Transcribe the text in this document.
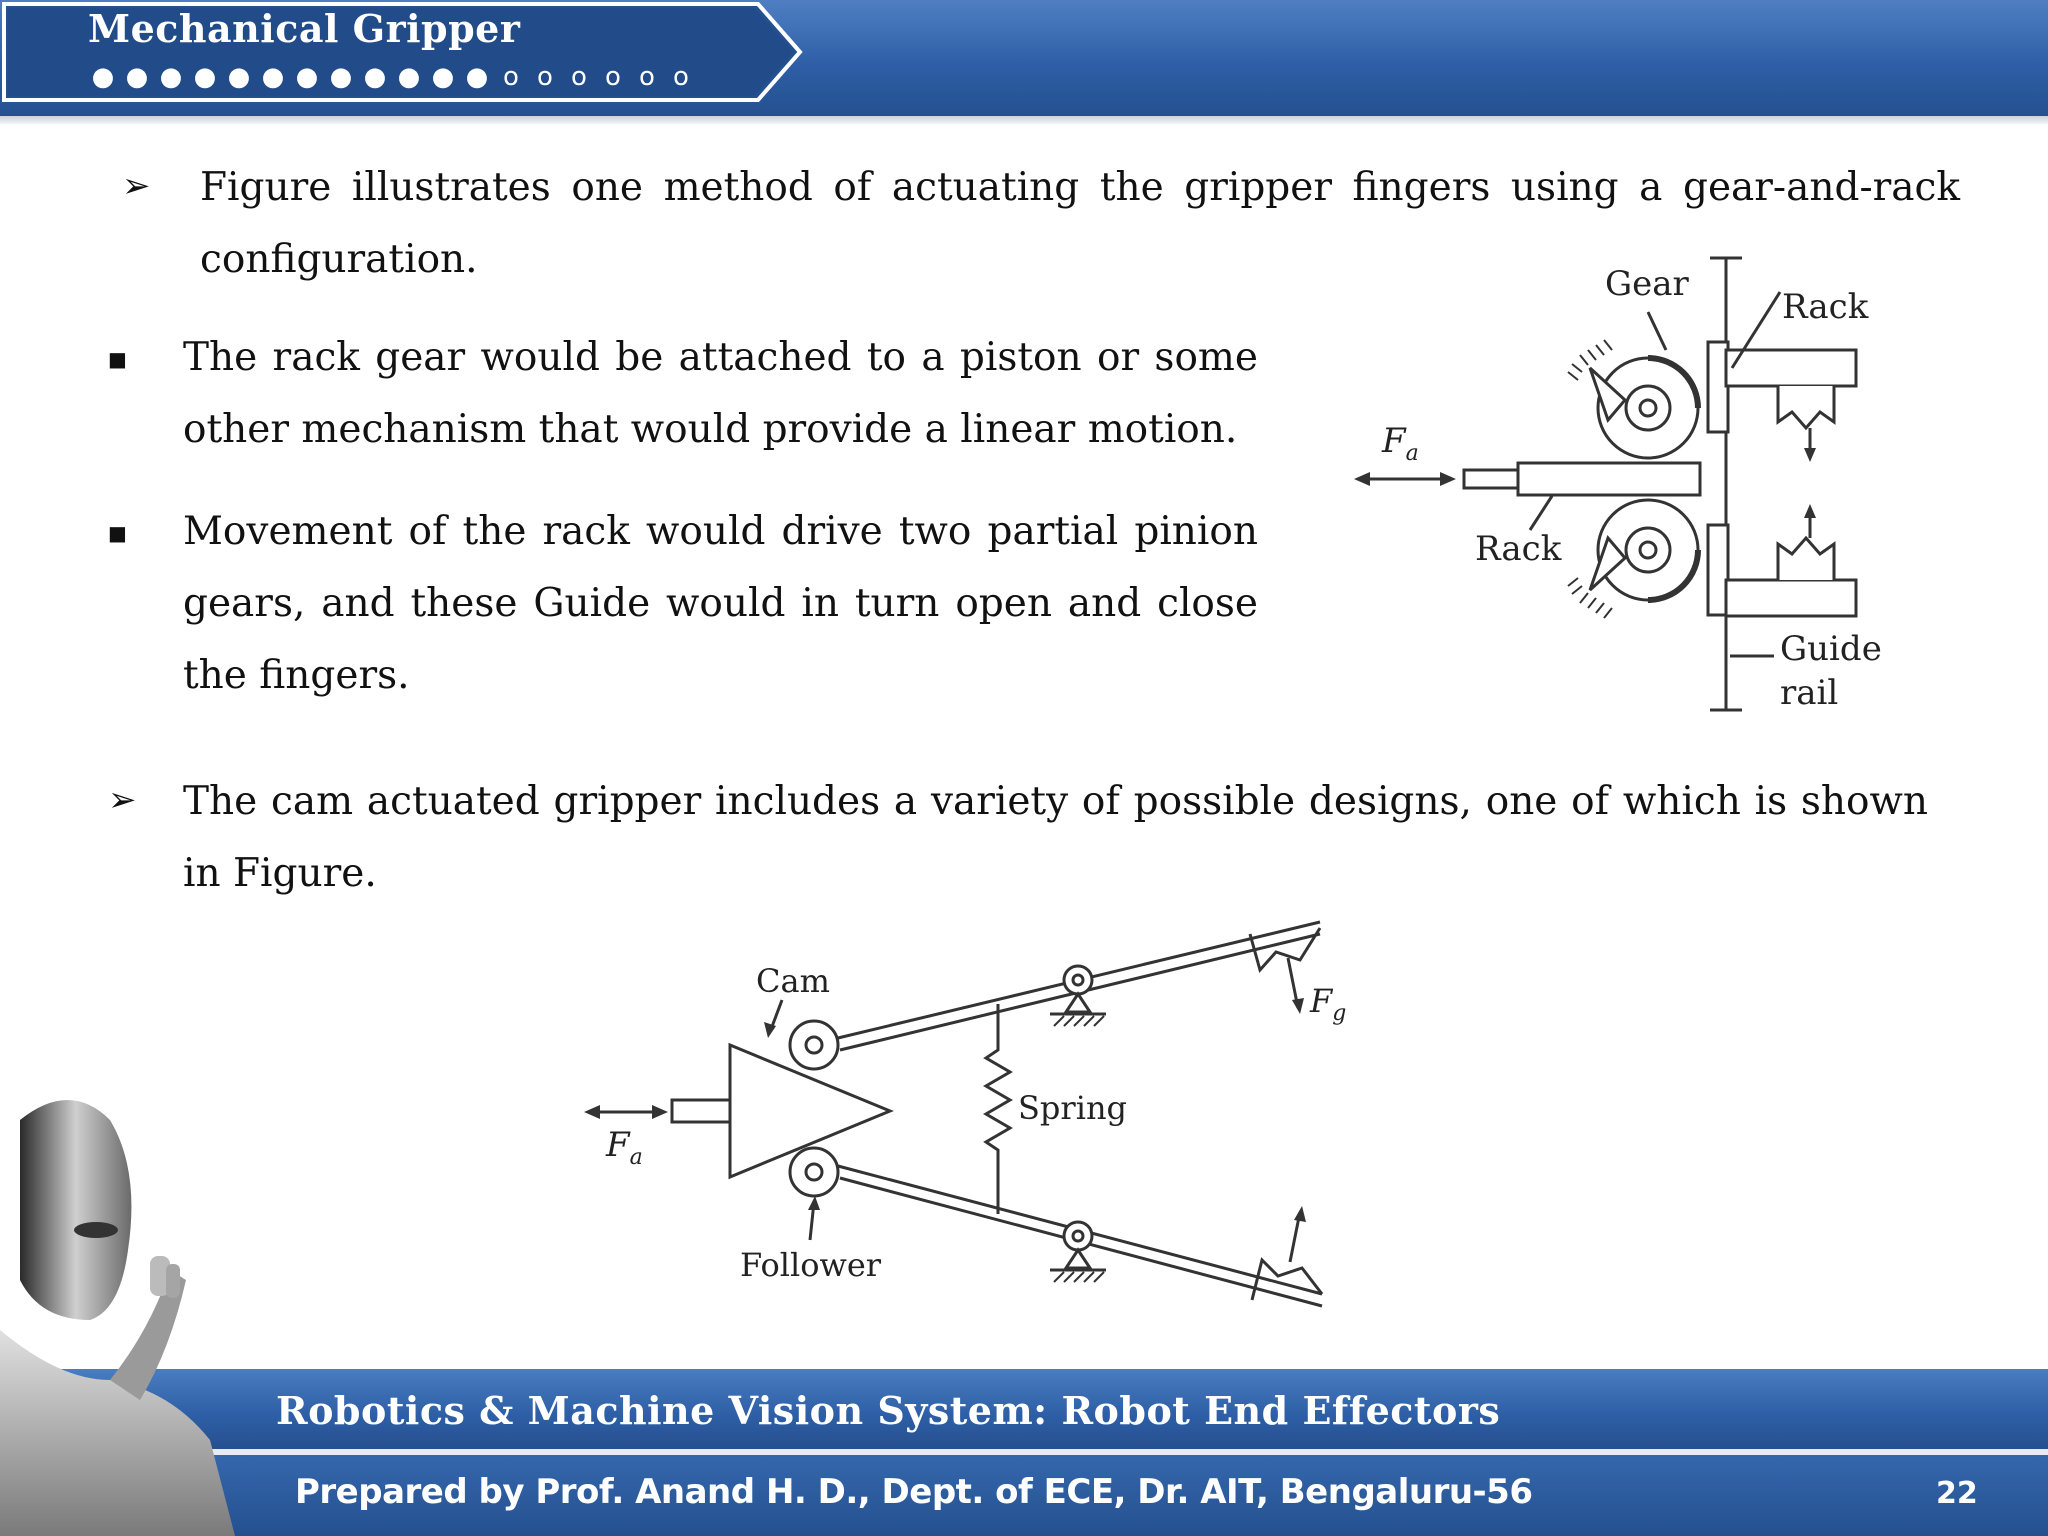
Mechanical Gripper
● ● ● ● ● ● ● ● ● ● ● ● o o o o o o
➢ Figure illustrates one method of actuating the gripper fingers using a gear-and-rack configuration.
■ The rack gear would be attached to a piston or some other mechanism that would provide a linear motion.
■ Movement of the rack would drive two partial pinion gears, and these Guide would in turn open and close the fingers.
➢ The cam actuated gripper includes a variety of possible designs, one of which is shown in Figure.
Gear
Rack
$F_a$
Rack
Guide
rail
Cam
$F_a$
Spring
Follower
$F_g$
Robotics & Machine Vision System: Robot End Effectors
Prepared by Prof. Anand H. D., Dept. of ECE, Dr. AIT, Bengaluru-56	22
